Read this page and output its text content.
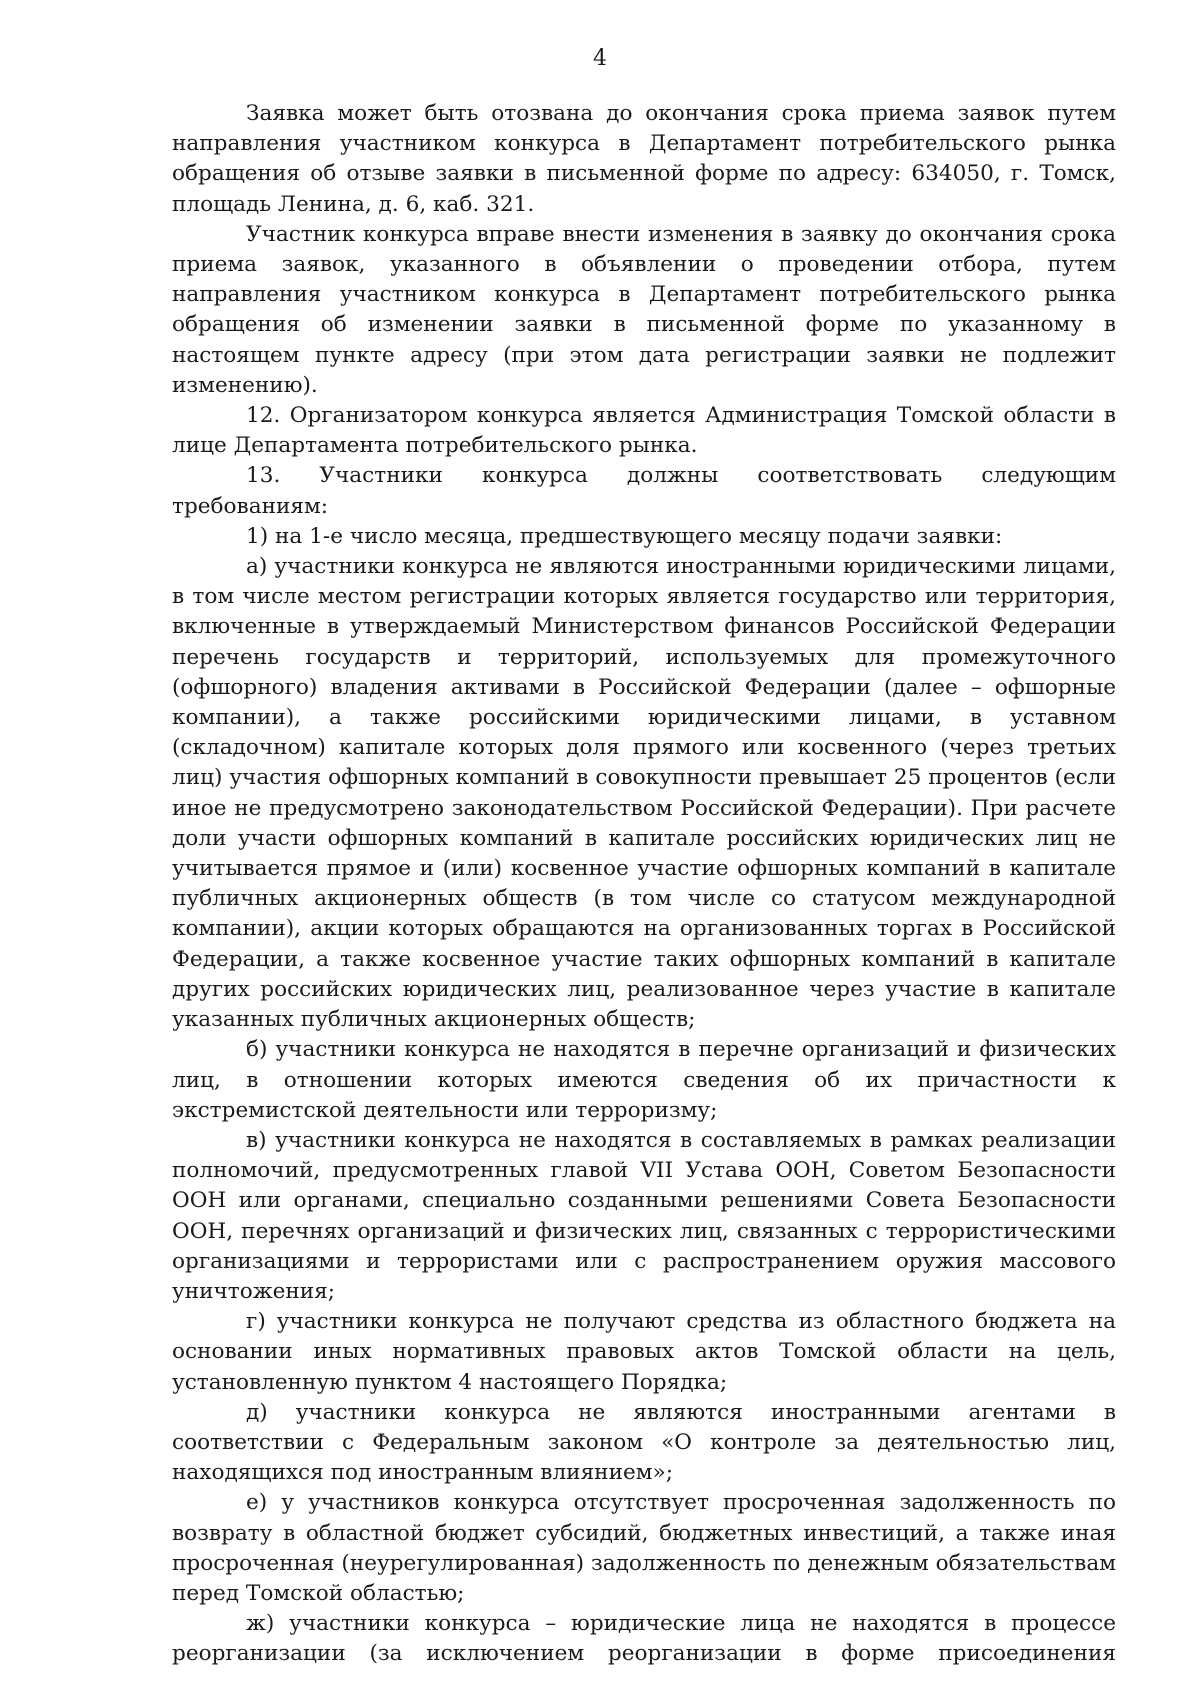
4

Заявка может быть отозвана до окончания срока приема заявок путем направления участником конкурса в Департамент потребительского рынка обращения об отзыве заявки в письменной форме по адресу: 634050, г. Томск, площадь Ленина, д. 6, каб. 321.

Участник конкурса вправе внести изменения в заявку до окончания срока приема заявок, указанного в объявлении о проведении отбора, путем направления участником конкурса в Департамент потребительского рынка обращения об изменении заявки в письменной форме по указанному в настоящем пункте адресу (при этом дата регистрации заявки не подлежит изменению).

12. Организатором конкурса является Администрация Томской области в лице Департамента потребительского рынка.

13. Участники конкурса должны соответствовать следующим требованиям:

1) на 1-е число месяца, предшествующего месяцу подачи заявки:

а) участники конкурса не являются иностранными юридическими лицами, в том числе местом регистрации которых является государство или территория, включенные в утверждаемый Министерством финансов Российской Федерации перечень государств и территорий, используемых для промежуточного (офшорного) владения активами в Российской Федерации (далее – офшорные компании), а также российскими юридическими лицами, в уставном (складочном) капитале которых доля прямого или косвенного (через третьих лиц) участия офшорных компаний в совокупности превышает 25 процентов (если иное не предусмотрено законодательством Российской Федерации). При расчете доли участи офшорных компаний в капитале российских юридических лиц не учитывается прямое и (или) косвенное участие офшорных компаний в капитале публичных акционерных обществ (в том числе со статусом международной компании), акции которых обращаются на организованных торгах в Российской Федерации, а также косвенное участие таких офшорных компаний в капитале других российских юридических лиц, реализованное через участие в капитале указанных публичных акционерных обществ;

б) участники конкурса не находятся в перечне организаций и физических лиц, в отношении которых имеются сведения об их причастности к экстремистской деятельности или терроризму;

в) участники конкурса не находятся в составляемых в рамках реализации полномочий, предусмотренных главой VII Устава ООН, Советом Безопасности ООН или органами, специально созданными решениями Совета Безопасности ООН, перечнях организаций и физических лиц, связанных с террористическими организациями и террористами или с распространением оружия массового уничтожения;

г) участники конкурса не получают средства из областного бюджета на основании иных нормативных правовых актов Томской области на цель, установленную пунктом 4 настоящего Порядка;

д) участники конкурса не являются иностранными агентами в соответствии с Федеральным законом «О контроле за деятельностью лиц, находящихся под иностранным влиянием»;

е) у участников конкурса отсутствует просроченная задолженность по возврату в областной бюджет субсидий, бюджетных инвестиций, а также иная просроченная (неурегулированная) задолженность по денежным обязательствам перед Томской областью;

ж) участники конкурса – юридические лица не находятся в процессе реорганизации (за исключением реорганизации в форме присоединения
